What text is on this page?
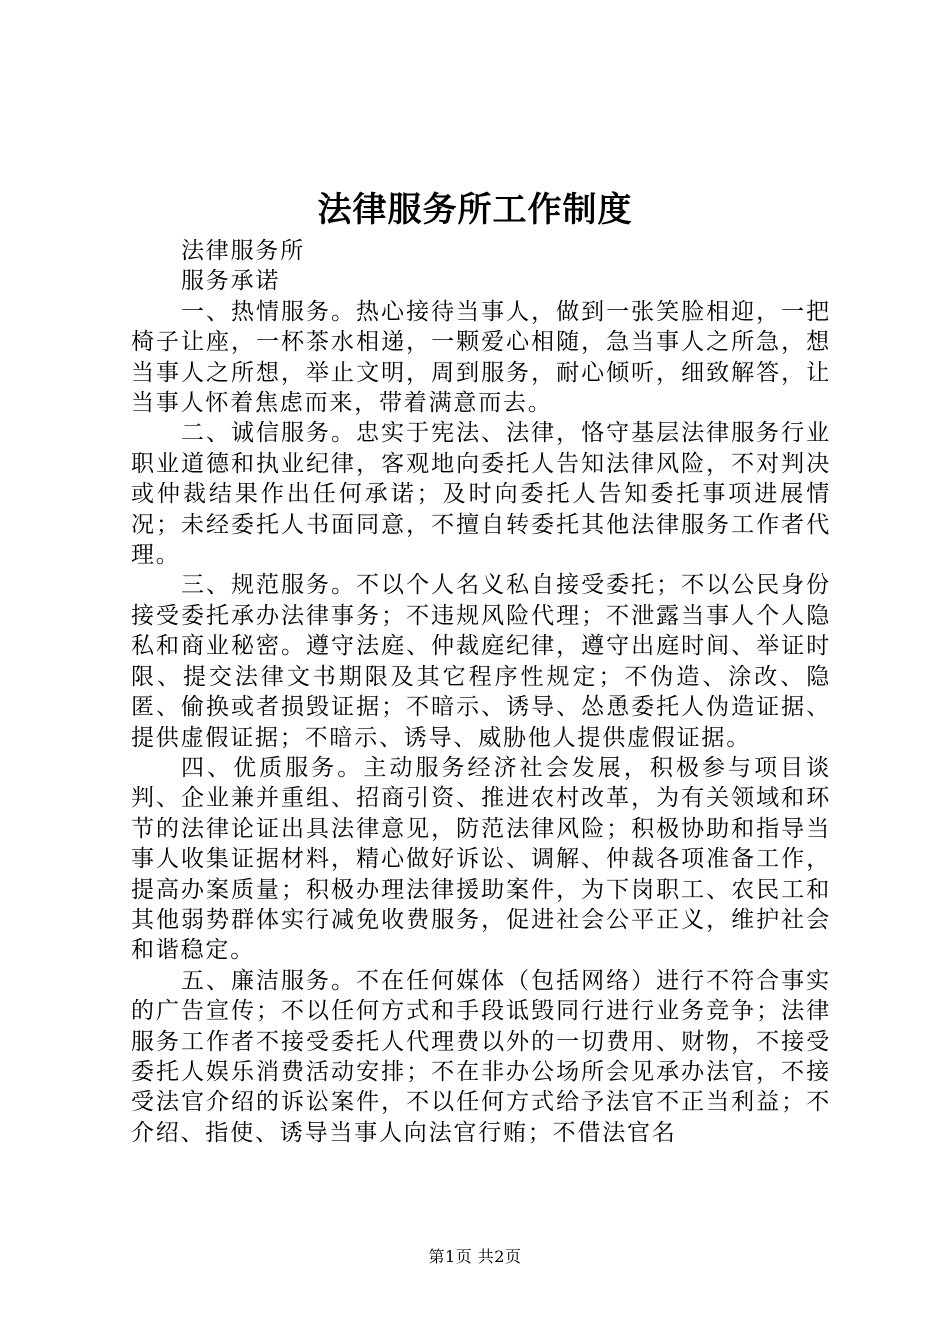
法律服务所工作制度

法律服务所

服务承诺

一、热情服务。热心接待当事人，做到一张笑脸相迎，一把椅子让座，一杯茶水相递，一颗爱心相随，急当事人之所急，想当事人之所想，举止文明，周到服务，耐心倾听，细致解答，让当事人怀着焦虑而来，带着满意而去。

二、诚信服务。忠实于宪法、法律，恪守基层法律服务行业职业道德和执业纪律，客观地向委托人告知法律风险，不对判决或仲裁结果作出任何承诺；及时向委托人告知委托事项进展情况；未经委托人书面同意，不擅自转委托其他法律服务工作者代理。

三、规范服务。不以个人名义私自接受委托；不以公民身份接受委托承办法律事务；不违规风险代理；不泄露当事人个人隐私和商业秘密。遵守法庭、仲裁庭纪律，遵守出庭时间、举证时限、提交法律文书期限及其它程序性规定；不伪造、涂改、隐匿、偷换或者损毁证据；不暗示、诱导、怂恿委托人伪造证据、提供虚假证据；不暗示、诱导、威胁他人提供虚假证据。

四、优质服务。主动服务经济社会发展，积极参与项目谈判、企业兼并重组、招商引资、推进农村改革，为有关领域和环节的法律论证出具法律意见，防范法律风险；积极协助和指导当事人收集证据材料，精心做好诉讼、调解、仲裁各项准备工作，提高办案质量；积极办理法律援助案件，为下岗职工、农民工和其他弱势群体实行减免收费服务，促进社会公平正义，维护社会和谐稳定。

五、廉洁服务。不在任何媒体（包括网络）进行不符合事实的广告宣传；不以任何方式和手段诋毁同行进行业务竞争；法律服务工作者不接受委托人代理费以外的一切费用、财物，不接受委托人娱乐消费活动安排；不在非办公场所会见承办法官，不接受法官介绍的诉讼案件，不以任何方式给予法官不正当利益；不介绍、指使、诱导当事人向法官行贿；不借法官名

第1页 共2页
